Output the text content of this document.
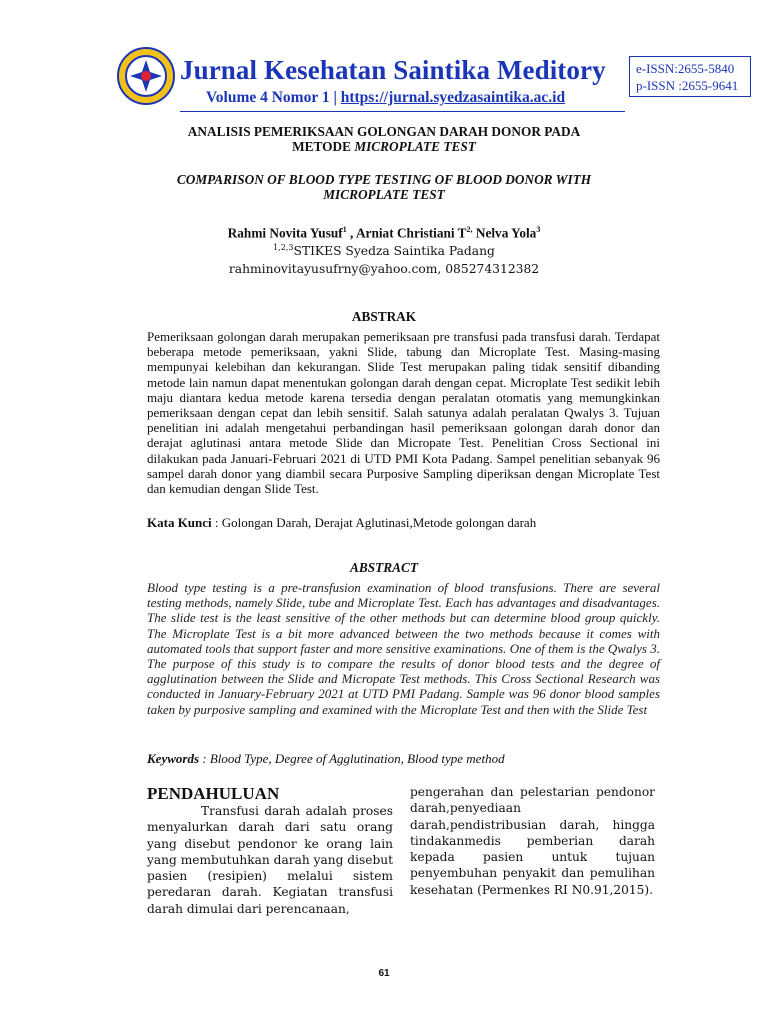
Jurnal Kesehatan Saintika Meditory
Volume 4 Nomor 1 | https://jurnal.syedzasaintika.ac.id
e-ISSN:2655-5840
p-ISSN :2655-9641
ANALISIS PEMERIKSAAN GOLONGAN DARAH DONOR PADA
METODE MICROPLATE TEST
COMPARISON OF BLOOD TYPE TESTING OF BLOOD DONOR WITH
MICROPLATE TEST
Rahmi Novita Yusuf$^1$ , Arniat Christiani $T^{2,}$ Nelva Yola$^3$
$^{1,2,3}$STIKES Syedza Saintika Padang
rahminovitayusufrny@yahoo.com, 085274312382
ABSTRAK
Pemeriksaan golongan darah merupakan pemeriksaan pre transfusi pada transfusi darah. Terdapat beberapa metode pemeriksaan, yakni Slide, tabung dan Microplate Test. Masing-masing mempunyai kelebihan dan kekurangan. Slide Test merupakan paling tidak sensitif dibanding metode lain namun dapat menentukan golongan darah dengan cepat. Microplate Test sedikit lebih maju diantara kedua metode karena tersedia dengan peralatan otomatis yang memungkinkan pemeriksaan dengan cepat dan lebih sensitif. Salah satunya adalah peralatan Qwalys 3. Tujuan penelitian ini adalah mengetahui perbandingan hasil pemeriksaan golongan darah donor dan derajat aglutinasi antara metode Slide dan Micropate Test. Penelitian Cross Sectional ini dilakukan pada Januari-Februari 2021 di UTD PMI Kota Padang. Sampel penelitian sebanyak 96 sampel darah donor yang diambil secara Purposive Sampling diperiksan dengan Microplate Test dan kemudian dengan Slide Test.
Kata Kunci : Golongan Darah, Derajat Aglutinasi,Metode golongan darah
ABSTRACT
Blood type testing is a pre-transfusion examination of blood transfusions. There are several testing methods, namely Slide, tube and Microplate Test. Each has advantages and disadvantages. The slide test is the least sensitive of the other methods but can determine blood group quickly. The Microplate Test is a bit more advanced between the two methods because it comes with automated tools that support faster and more sensitive examinations. One of them is the Qwalys 3. The purpose of this study is to compare the results of donor blood tests and the degree of agglutination between the Slide and Micropate Test methods. This Cross Sectional Research was conducted in January-February 2021 at UTD PMI Padang. Sample was 96 donor blood samples taken by purposive sampling and examined with the Microplate Test and then with the Slide Test
Keywords : Blood Type, Degree of Agglutination, Blood type method
PENDAHULUAN
Transfusi darah adalah proses menyalurkan darah dari satu orang yang disebut pendonor ke orang lain yang membutuhkan darah yang disebut pasien (resipien) melalui sistem peredaran darah. Kegiatan transfusi darah dimulai dari perencanaan,
pengerahan dan pelestarian pendonor darah,penyediaan darah,pendistribusian darah, hingga tindakanmedis pemberian darah kepada pasien untuk tujuan penyembuhan penyakit dan pemulihan kesehatan (Permenkes RI N0.91,2015).
61
